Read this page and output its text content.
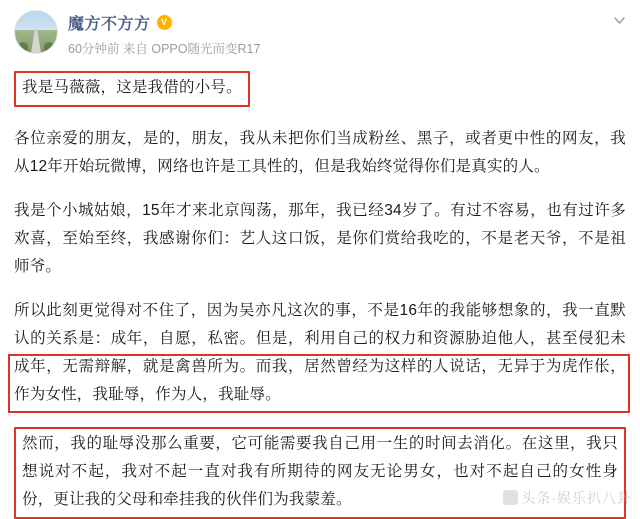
魔方不方方	V
60分钟前 来自 OPPO随光而变R17
我是马薇薇，这是我借的小号。

各位亲爱的朋友，是的，朋友，我从未把你们当成粉丝、黑子，或者更中性的网友，我从12年开始玩微博，网络也许是工具性的，但是我始终觉得你们是真实的人。

我是个小城姑娘，15年才来北京闯荡，那年，我已经34岁了。有过不容易，也有过许多欢喜，至始至终，我感谢你们：艺人这口饭，是你们赏给我吃的，不是老天爷，不是祖师爷。

所以此刻更觉得对不住了，因为吴亦凡这次的事，不是16年的我能够想象的，我一直默认的关系是：成年，自愿，私密。但是，利用自己的权力和资源胁迫他人，甚至侵犯未成年，无需辩解，就是禽兽所为。而我，居然曾经为这样的人说话，无异于为虎作伥，作为女性，我耻辱，作为人，我耻辱。

然而，我的耻辱没那么重要，它可能需要我自己用一生的时间去消化。在这里，我只想说对不起，我对不起一直对我有所期待的网友无论男女，也对不起自己的女性身份，更让我的父母和牵挂我的伙伴们为我蒙羞。	头条·娱乐扒八卦
